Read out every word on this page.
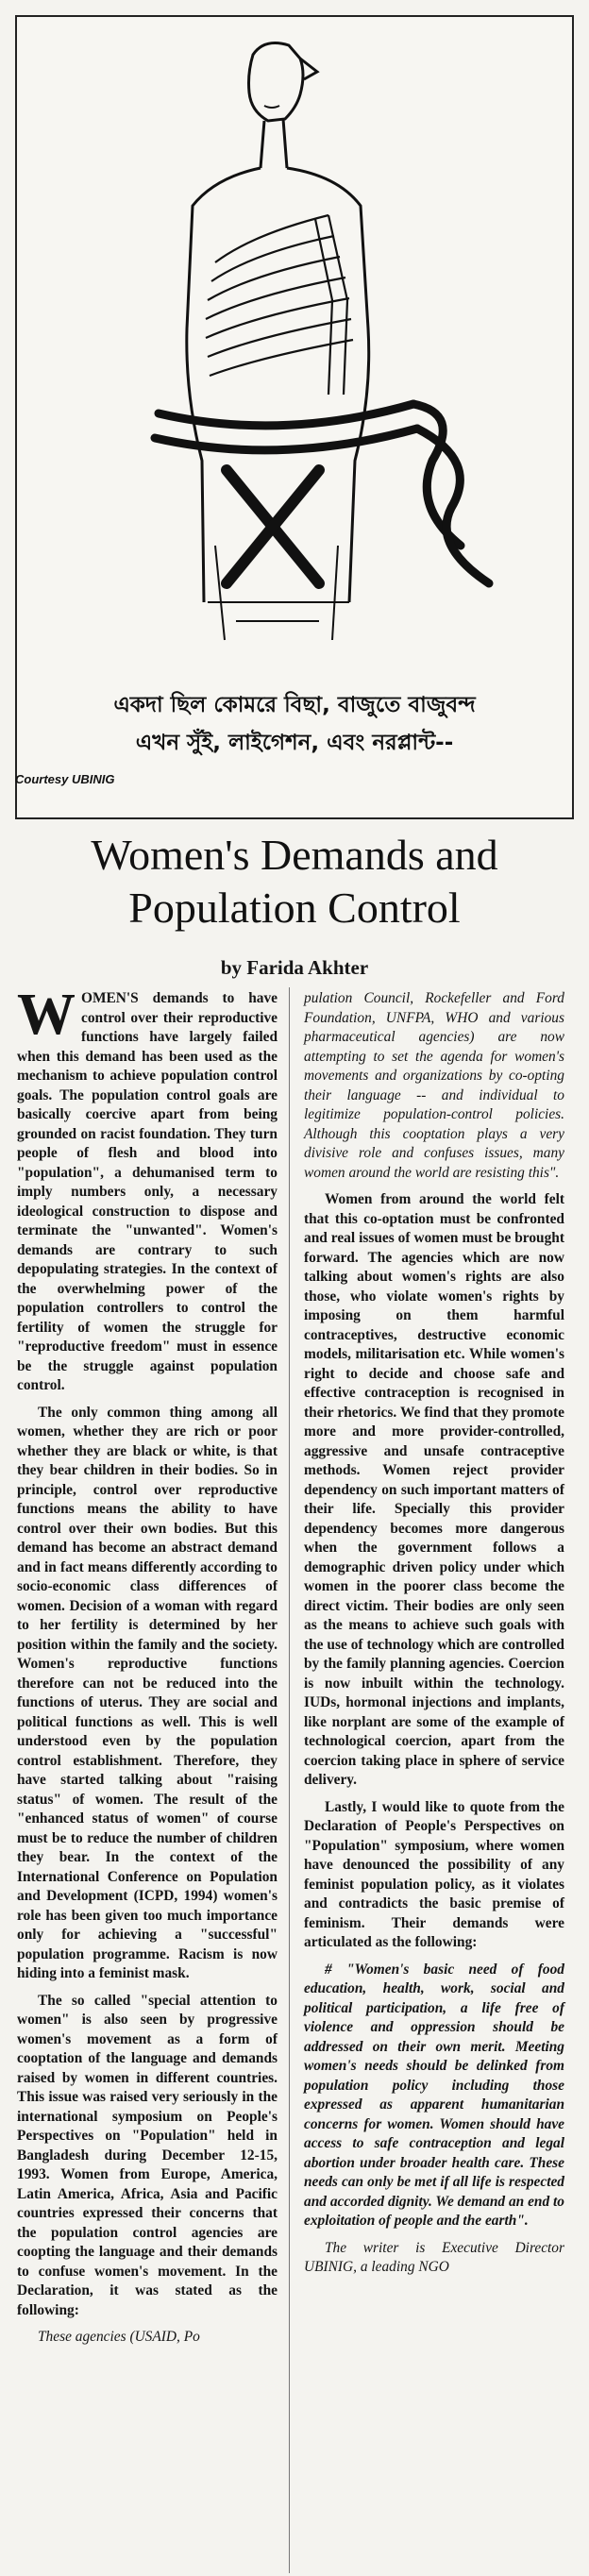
একদা ছিল কোমরে বিছা, বাজুতে বাজুবন্দ
এখন সুঁই, লাইগেশন, এবং নরপ্লান্ট--
Courtesy UBINIG
Women's Demands and
Population Control
by Farida Akhter

WOMEN'S demands to have control over their reproductive functions have largely failed when this demand has been used as the mechanism to achieve population control goals. The population control goals are basically coercive apart from being grounded on racist foundation. They turn people of flesh and blood into "population", a dehumanised term to imply numbers only, a necessary ideological construction to dispose and terminate the "unwanted". Women's demands are contrary to such depopulating strategies. In the context of the overwhelming power of the population controllers to control the fertility of women the struggle for "reproductive freedom" must in essence be the struggle against population control.

The only common thing among all women, whether they are rich or poor whether they are black or white, is that they bear children in their bodies. So in principle, control over reproductive functions means the ability to have control over their own bodies. But this demand has become an abstract demand and in fact means differently according to socio-economic class differences of women. Decision of a woman with regard to her fertility is determined by her position within the family and the society. Women's reproductive functions therefore can not be reduced into the functions of uterus. They are social and political functions as well. This is well understood even by the population control establishment. Therefore, they have started talking about "raising status" of women. The result of the "enhanced status of women" of course must be to reduce the number of children they bear. In the context of the International Conference on Population and Development (ICPD, 1994) women's role has been given too much importance only for achieving a "successful" population programme. Racism is now hiding into a feminist mask.

The so called "special attention to women" is also seen by progressive women's movement as a form of cooptation of the language and demands raised by women in different countries. This issue was raised very seriously in the international symposium on People's Perspectives on "Population" held in Bangladesh during December 12-15, 1993. Women from Europe, America, Latin America, Africa, Asia and Pacific countries expressed their concerns that the population control agencies are coopting the language and their demands to confuse women's movement. In the Declaration, it was stated as the following:

These agencies (USAID, Po

pulation Council, Rockefeller and Ford Foundation, UNFPA, WHO and various pharmaceutical agencies) are now attempting to set the agenda for women's movements and organizations by co-opting their language -- and individual to legitimize population-control policies. Although this cooptation plays a very divisive role and confuses issues, many women around the world are resisting this".

Women from around the world felt that this co-optation must be confronted and real issues of women must be brought forward. The agencies which are now talking about women's rights are also those, who violate women's rights by imposing on them harmful contraceptives, destructive economic models, militarisation etc. While women's right to decide and choose safe and effective contraception is recognised in their rhetorics. We find that they promote more and more provider-controlled, aggressive and unsafe contraceptive methods. Women reject provider dependency on such important matters of their life. Specially this provider dependency becomes more dangerous when the government follows a demographic driven policy under which women in the poorer class become the direct victim. Their bodies are only seen as the means to achieve such goals with the use of technology which are controlled by the family planning agencies. Coercion is now inbuilt within the technology. IUDs, hormonal injections and implants, like norplant are some of the example of technological coercion, apart from the coercion taking place in sphere of service delivery.

Lastly, I would like to quote from the Declaration of People's Perspectives on "Population" symposium, where women have denounced the possibility of any feminist population policy, as it violates and contradicts the basic premise of feminism. Their demands were articulated as the following:

# "Women's basic need of food education, health, work, social and political participation, a life free of violence and oppression should be addressed on their own merit. Meeting women's needs should be delinked from population policy including those expressed as apparent humanitarian concerns for women. Women should have access to safe contraception and legal abortion under broader health care. These needs can only be met if all life is respected and accorded dignity. We demand an end to exploitation of people and the earth".

The writer is Executive Director UBINIG, a leading NGO
